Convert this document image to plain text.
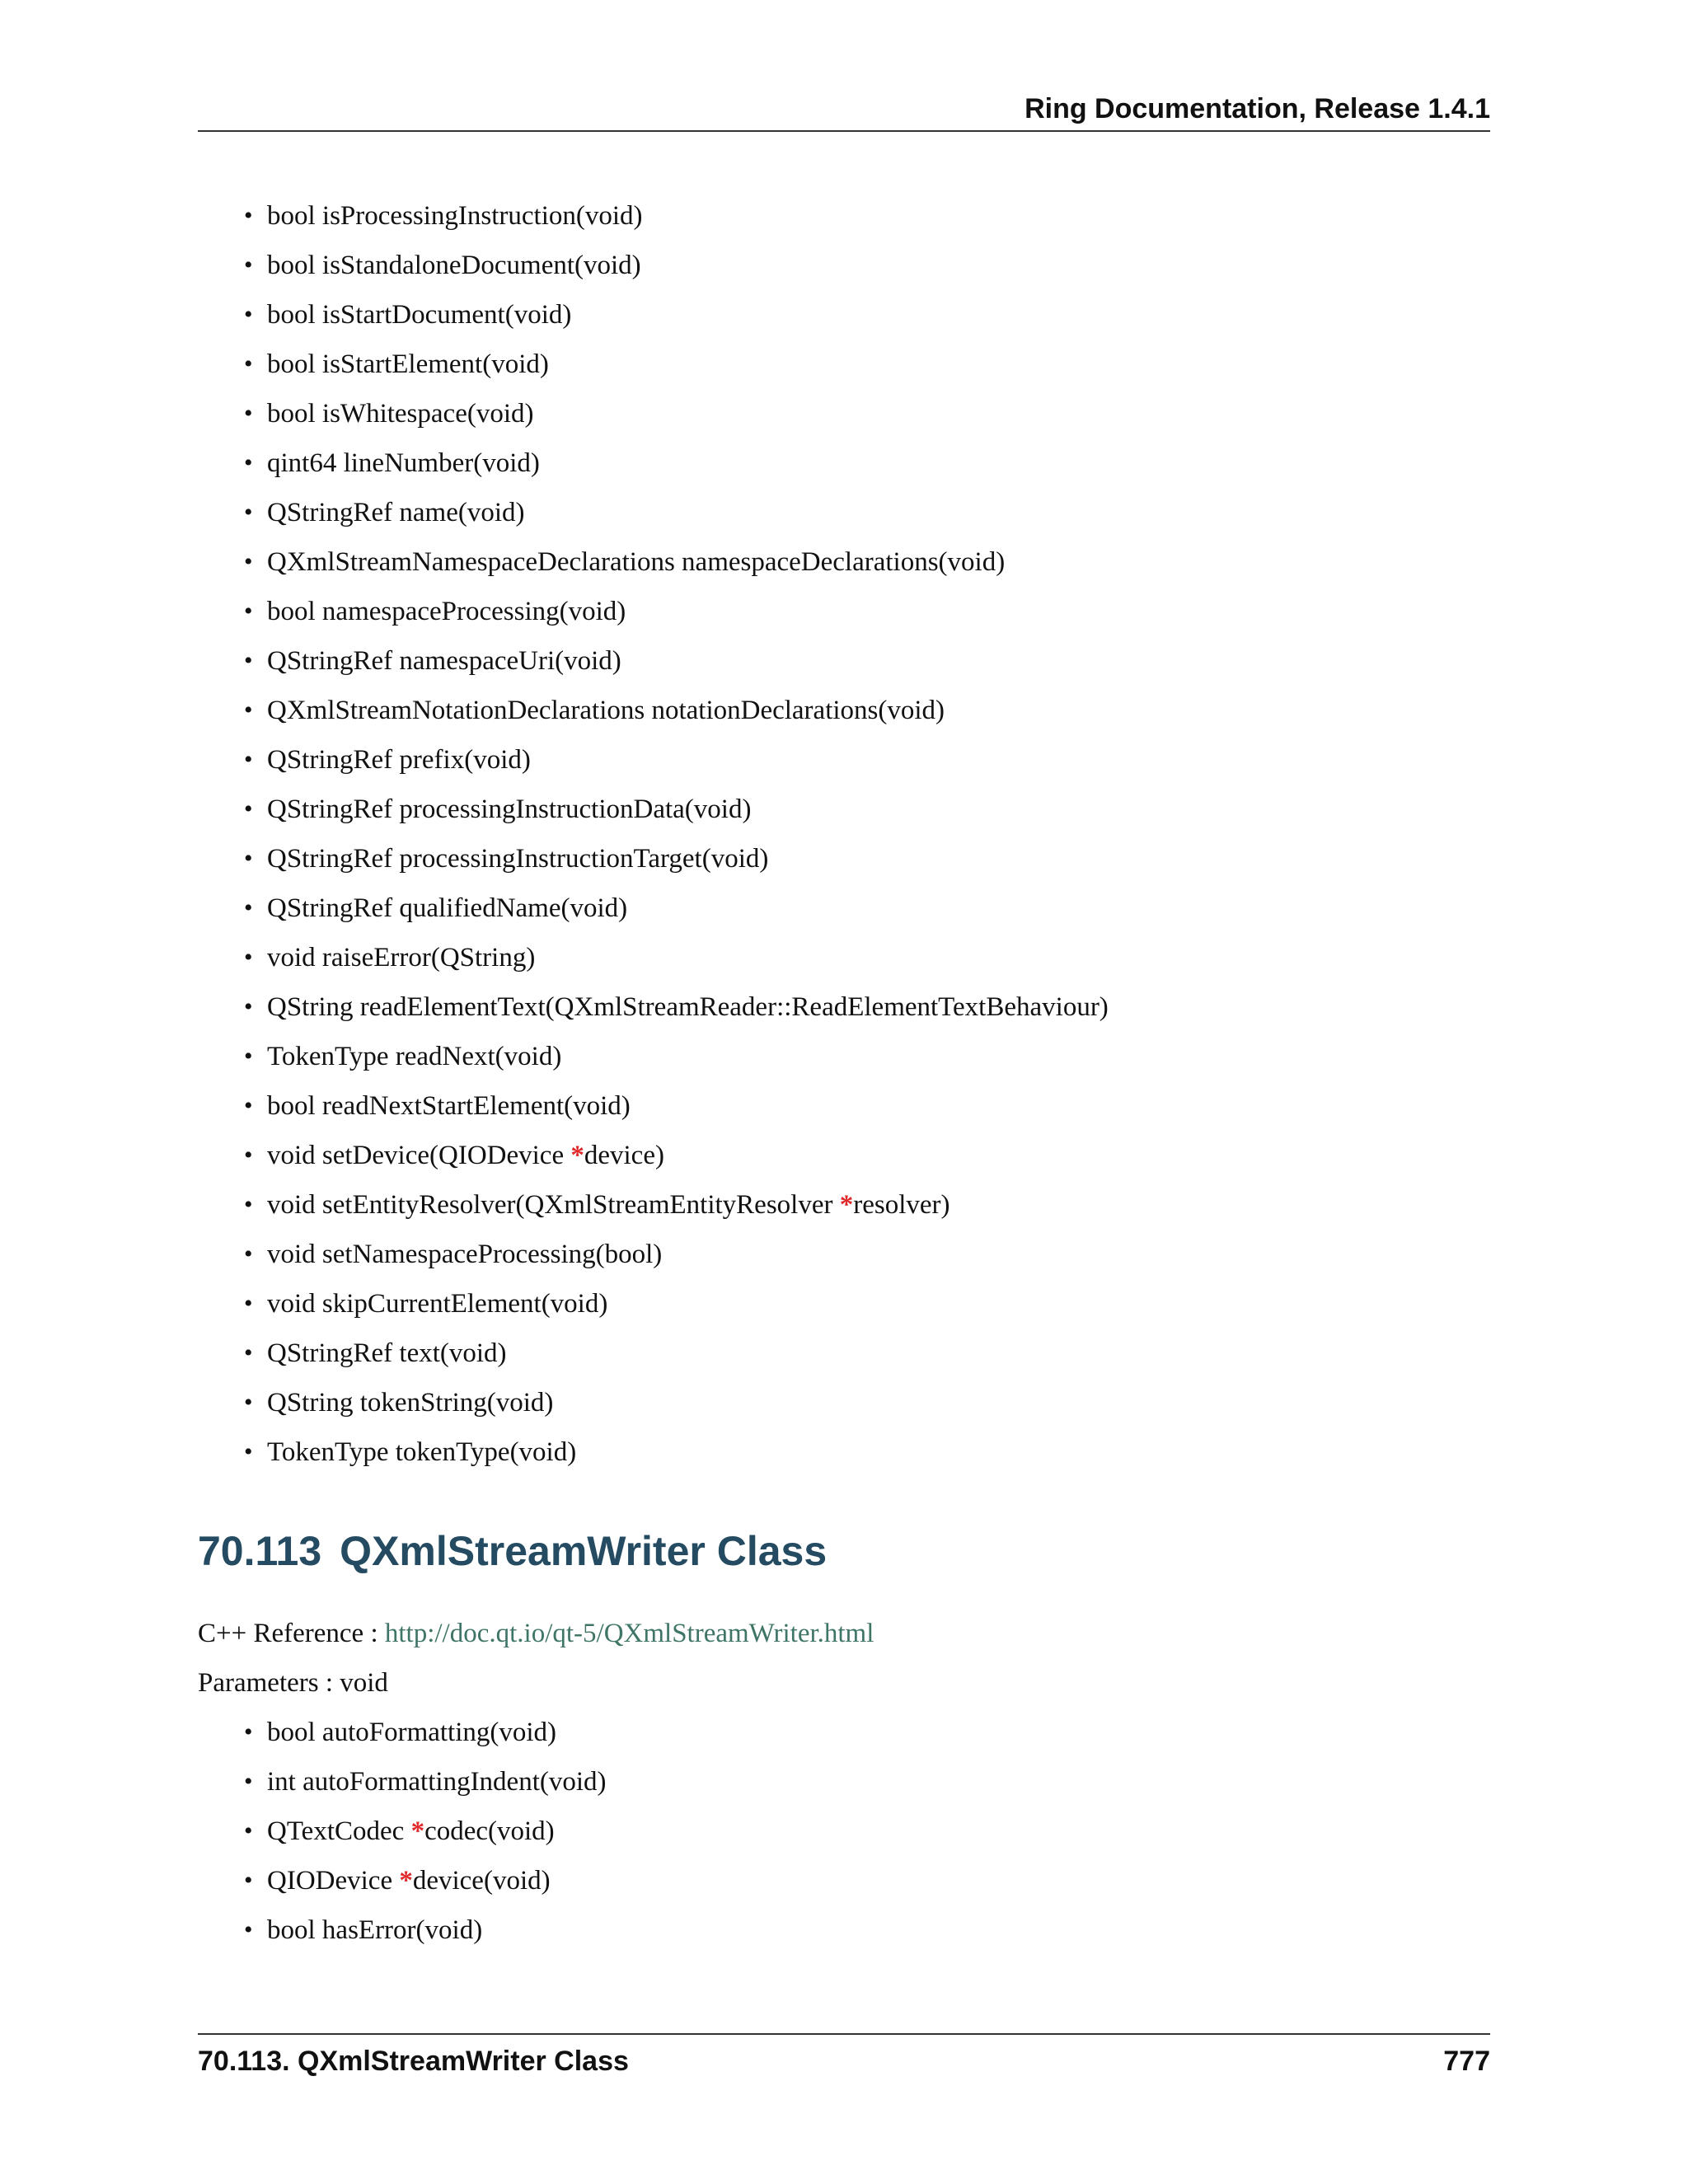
Ring Documentation, Release 1.4.1
• bool isProcessingInstruction(void)
• bool isStandaloneDocument(void)
• bool isStartDocument(void)
• bool isStartElement(void)
• bool isWhitespace(void)
• qint64 lineNumber(void)
• QStringRef name(void)
• QXmlStreamNamespaceDeclarations namespaceDeclarations(void)
• bool namespaceProcessing(void)
• QStringRef namespaceUri(void)
• QXmlStreamNotationDeclarations notationDeclarations(void)
• QStringRef prefix(void)
• QStringRef processingInstructionData(void)
• QStringRef processingInstructionTarget(void)
• QStringRef qualifiedName(void)
• void raiseError(QString)
• QString readElementText(QXmlStreamReader::ReadElementTextBehaviour)
• TokenType readNext(void)
• bool readNextStartElement(void)
• void setDevice(QIODevice *device)
• void setEntityResolver(QXmlStreamEntityResolver *resolver)
• void setNamespaceProcessing(bool)
• void skipCurrentElement(void)
• QStringRef text(void)
• QString tokenString(void)
• TokenType tokenType(void)
70.113 QXmlStreamWriter Class
C++ Reference : http://doc.qt.io/qt-5/QXmlStreamWriter.html
Parameters : void
• bool autoFormatting(void)
• int autoFormattingIndent(void)
• QTextCodec *codec(void)
• QIODevice *device(void)
• bool hasError(void)
70.113. QXmlStreamWriter Class	777
